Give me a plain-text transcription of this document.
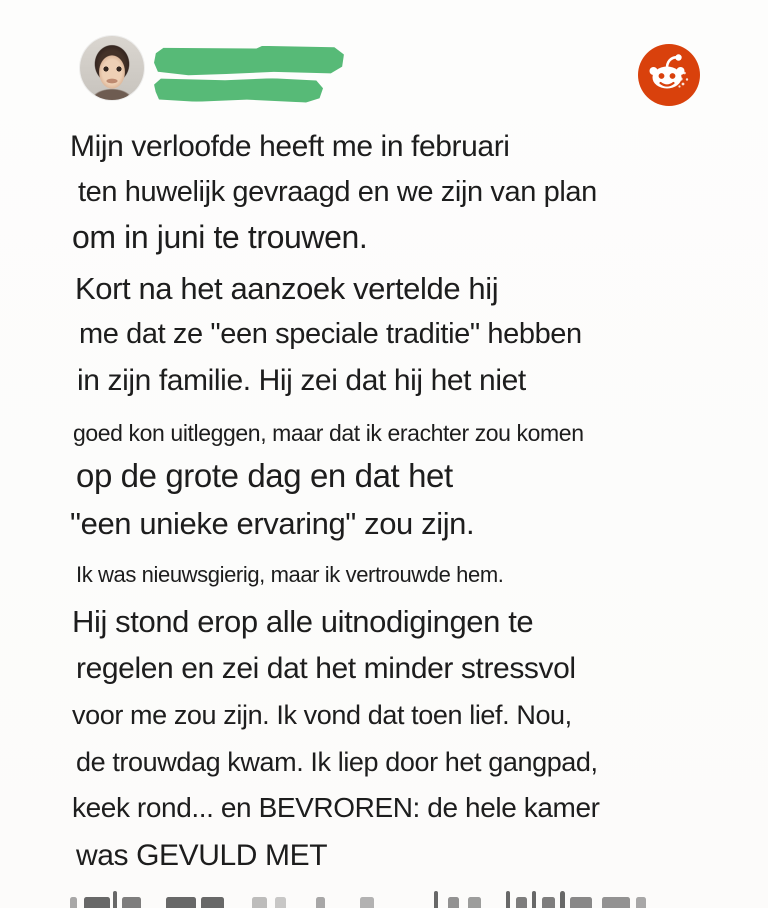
Mijn verloofde heeft me in februari
ten huwelijk gevraagd en we zijn van plan
om in juni te trouwen.
Kort na het aanzoek vertelde hij
me dat ze "een speciale traditie" hebben
in zijn familie. Hij zei dat hij het niet
goed kon uitleggen, maar dat ik erachter zou komen
op de grote dag en dat het
"een unieke ervaring" zou zijn.
Ik was nieuwsgierig, maar ik vertrouwde hem.
Hij stond erop alle uitnodigingen te
regelen en zei dat het minder stressvol
voor me zou zijn. Ik vond dat toen lief. Nou,
de trouwdag kwam. Ik liep door het gangpad,
keek rond... en BEVROREN: de hele kamer
was GEVULD MET
